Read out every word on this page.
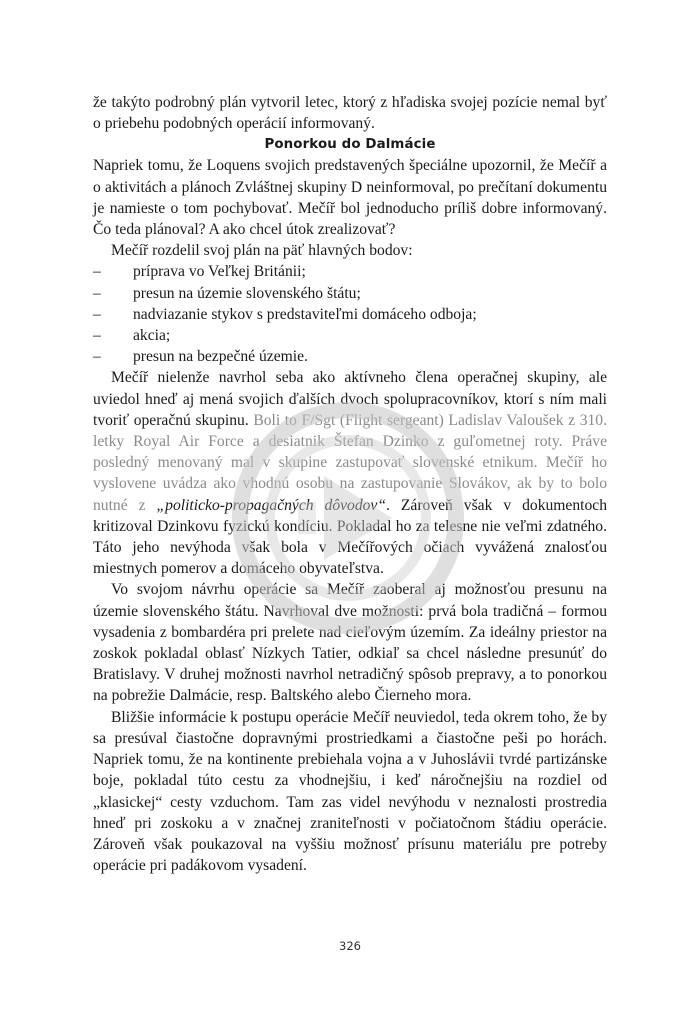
že takýto podrobný plán vytvoril letec, ktorý z hľadiska svojej pozície nemal byť o priebehu podobných operácií informovaný.

Ponorkou do Dalmácie

Napriek tomu, že Loquens svojich predstavených špeciálne upozornil, že Mečíř a o aktivitách a plánoch Zvláštnej skupiny D neinformoval, po prečítaní dokumentu je namieste o tom pochybovať. Mečíř bol jednoducho príliš dobre informovaný. Čo teda plánoval? A ako chcel útok zrealizovať?

Mečíř rozdelil svoj plán na päť hlavných bodov:

– príprava vo Veľkej Británii;
– presun na územie slovenského štátu;
– nadviazanie stykov s predstaviteľmi domáceho odboja;
– akcia;
– presun na bezpečné územie.

Mečíř nielenže navrhol seba ako aktívneho člena operačnej skupiny, ale uviedol hneď aj mená svojich ďalších dvoch spolupracovníkov, ktorí s ním mali tvoriť operačnú skupinu. Boli to F/Sgt (Flight sergeant) Ladislav Valoušek z 310. letky Royal Air Force a desiatnik Štefan Dzinko z guľometnej roty. Práve posledný menovaný mal v skupine zastupovať slovenské etnikum. Mečíř ho vyslovene uvádza ako vhodnú osobu na zastupovanie Slovákov, ak by to bolo nutné z „politicko-propagačných dôvodov“. Zároveň však v dokumentoch kritizoval Dzinkovu fyzickú kondíciu. Pokladal ho za telesne nie veľmi zdatného. Táto jeho nevýhoda však bola v Mečířových očiach vyvážená znalosťou miestnych pomerov a domáceho obyvateľstva.

Vo svojom návrhu operácie sa Mečíř zaoberal aj možnosťou presunu na územie slovenského štátu. Navrhoval dve možnosti: prvá bola tradičná – formou vysadenia z bombardéra pri prelete nad cieľovým územím. Za ideálny priestor na zoskok pokladal oblasť Nízkych Tatier, odkiaľ sa chcel následne presunúť do Bratislavy. V druhej možnosti navrhol netradičný spôsob prepravy, a to ponorkou na pobrežie Dalmácie, resp. Baltského alebo Čierneho mora.

Bližšie informácie k postupu operácie Mečíř neuviedol, teda okrem toho, že by sa presúval čiastočne dopravnými prostriedkami a čiastočne peši po horách. Napriek tomu, že na kontinente prebiehala vojna a v Juhoslávii tvrdé partizánske boje, pokladal túto cestu za vhodnejšiu, i keď náročnejšiu na rozdiel od „klasickej“ cesty vzduchom. Tam zas videl nevýhodu v neznalosti prostredia hneď pri zoskoku a v značnej zraniteľnosti v počiatočnom štádiu operácie. Zároveň však poukazoval na vyššiu možnosť prísunu materiálu pre potreby operácie pri padákovom vysadení.

326
